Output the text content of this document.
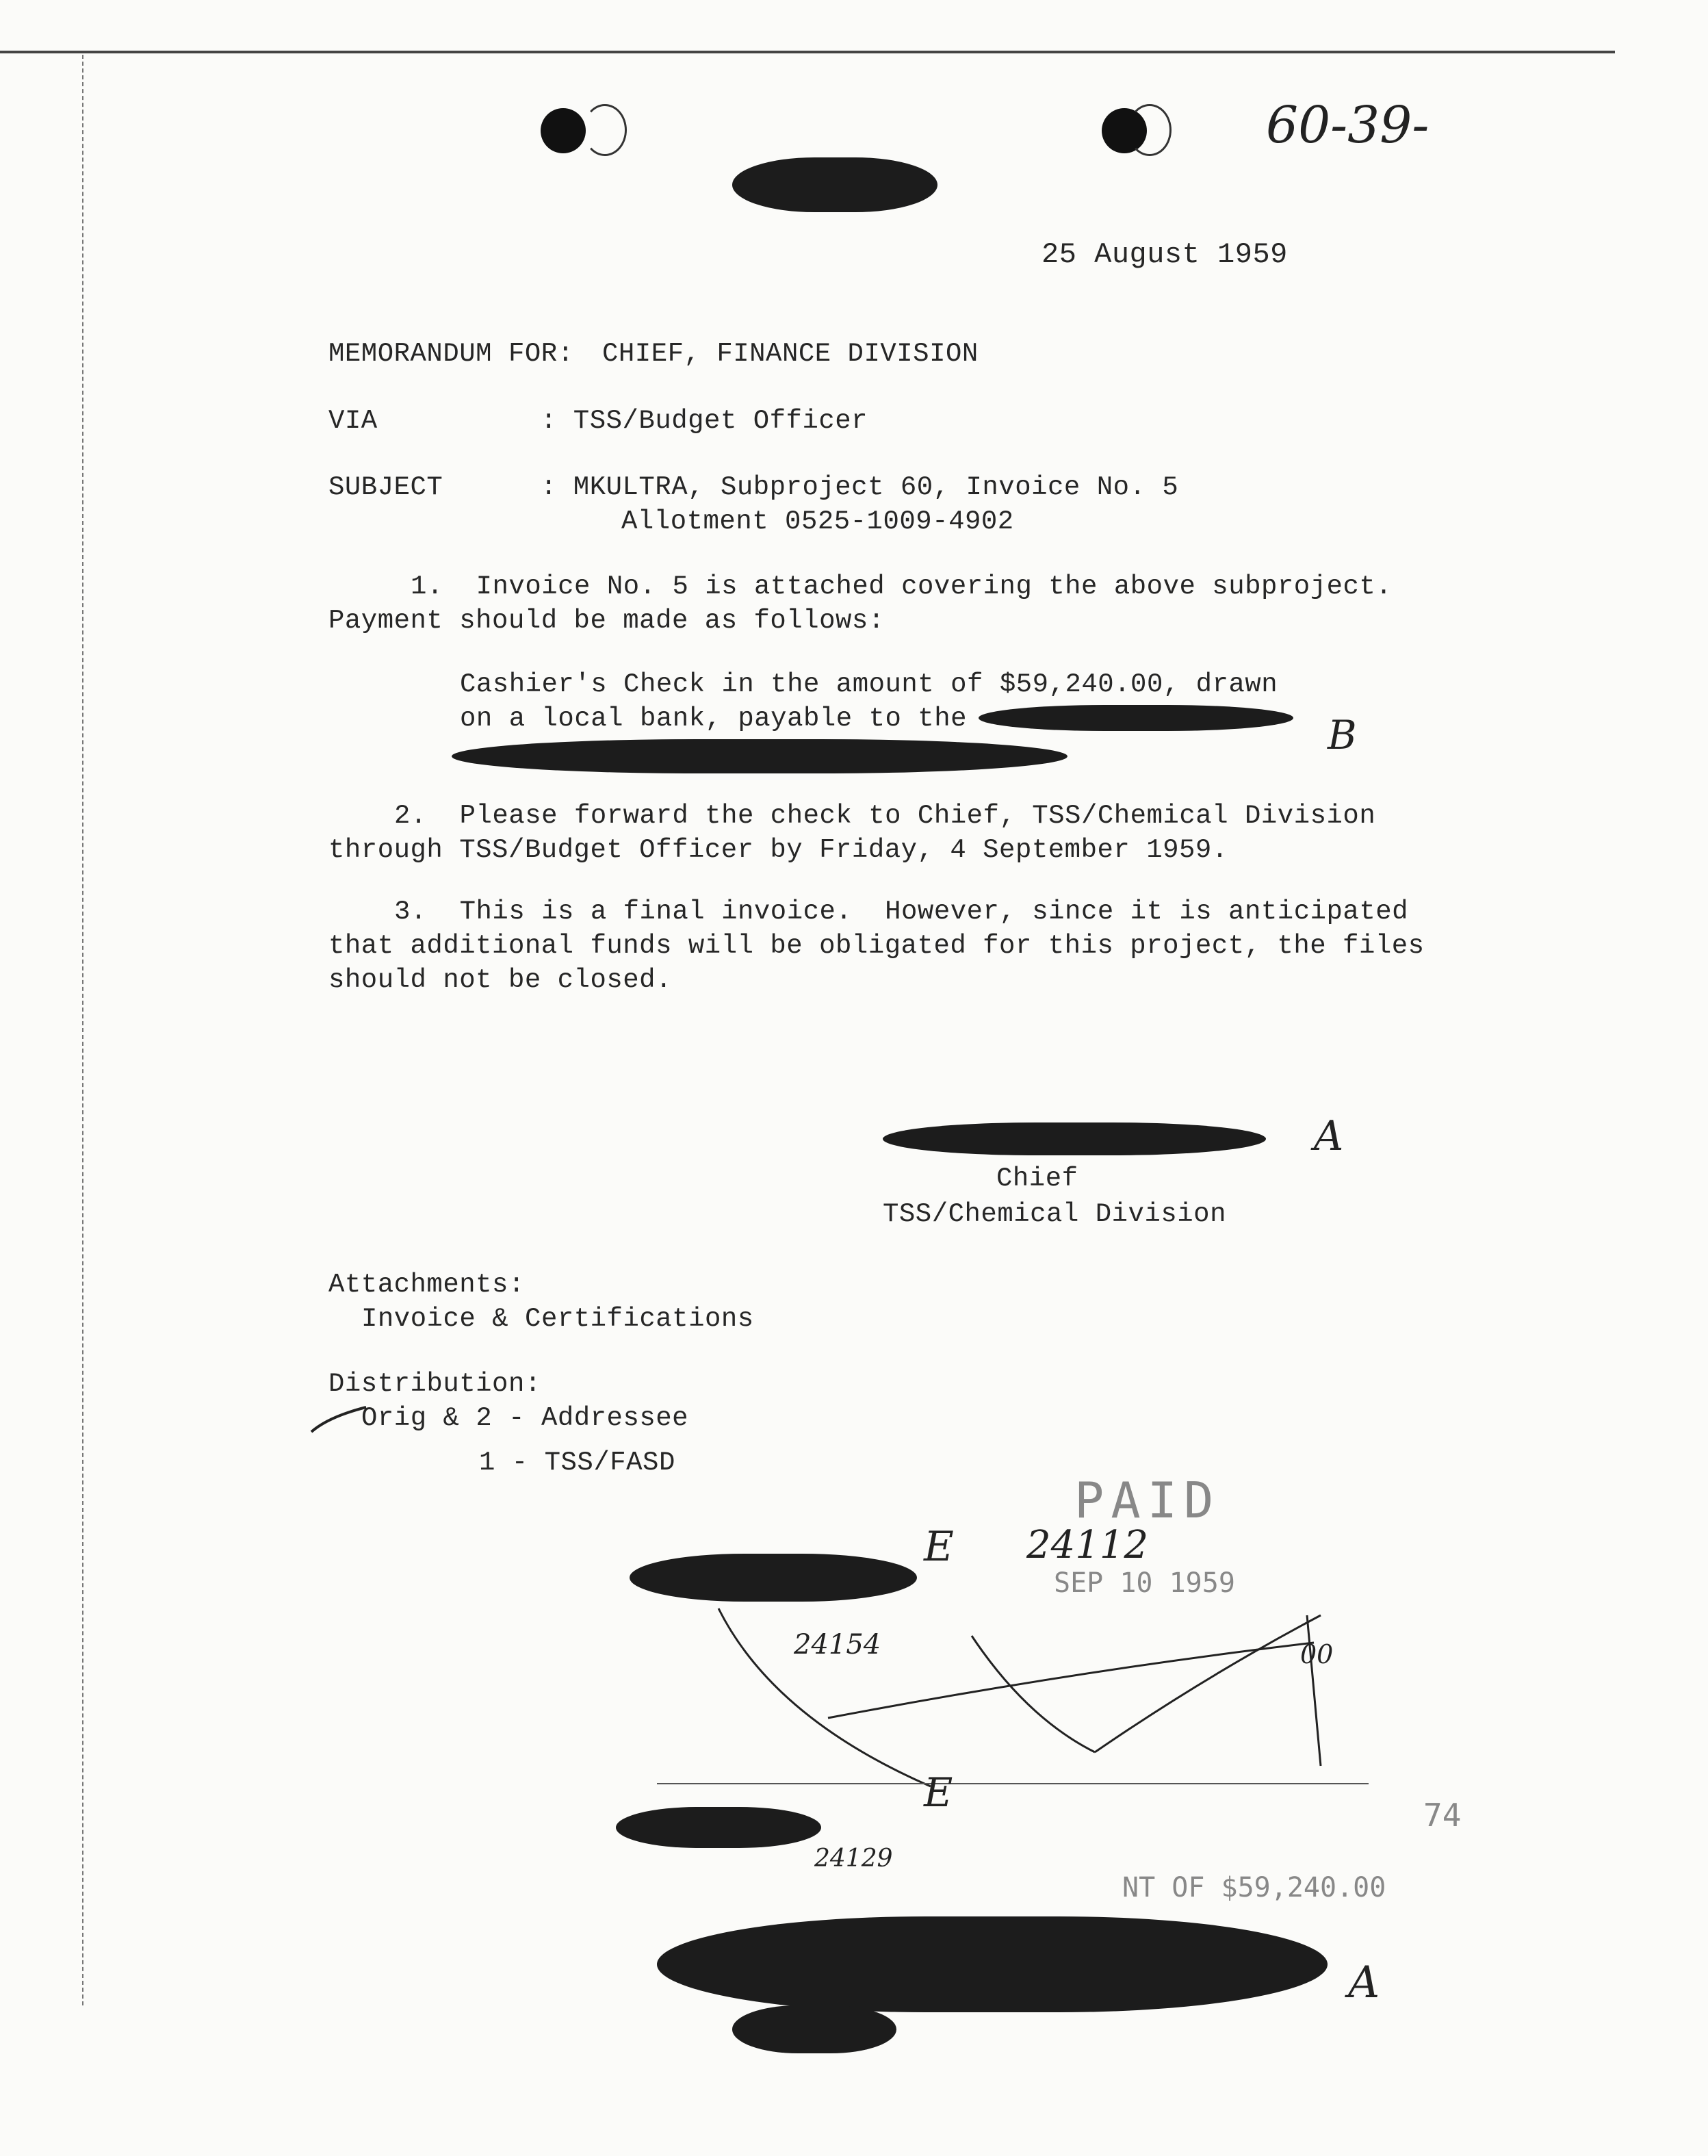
60-39-
25 August 1959
MEMORANDUM FOR: CHIEF, FINANCE DIVISION
VIA	: TSS/Budget Officer
SUBJECT	: MKULTRA, Subproject 60, Invoice No. 5
Allotment 0525-1009-4902
1.  Invoice No. 5 is attached covering the above subproject.
Payment should be made as follows:
Cashier's Check in the amount of $59,240.00, drawn
on a local bank, payable to the	B
2.  Please forward the check to Chief, TSS/Chemical Division
through TSS/Budget Officer by Friday, 4 September 1959.
3.  This is a final invoice.  However, since it is anticipated
that additional funds will be obligated for this project, the files
should not be closed.
A
Chief
TSS/Chemical Division
Attachments:
Invoice & Certifications
Distribution:
Orig & 2 - Addressee
1 - TSS/FASD
PAID
24112
SEP 10 1959
E
24154	00
E	74
24129
NT OF $59,240.00
A
